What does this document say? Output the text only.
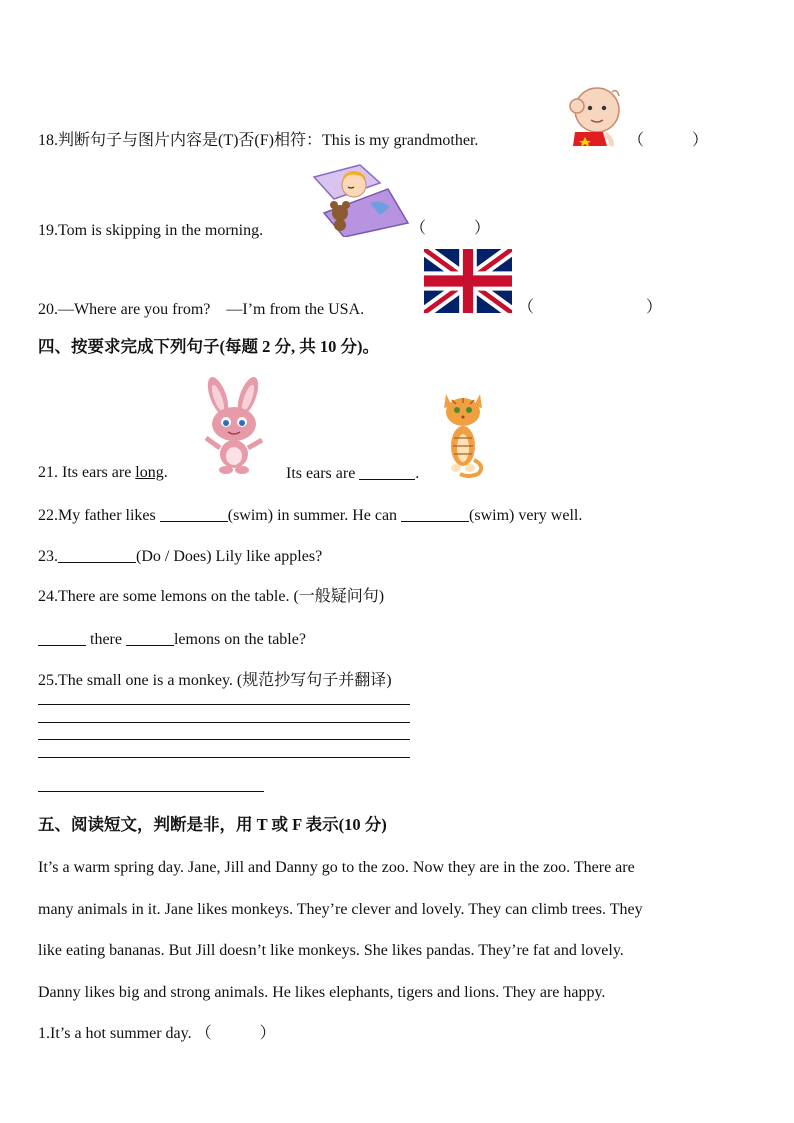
18.判断句子与图片内容是(T)否(F)相符：This is my grandmother.	（　　　）
19.Tom is skipping in the morning.	（　　　）
20.—Where are you from?　—I’m from the USA.	（　　　　　　　）
四、按要求完成下列句子(每题 2 分, 共 10 分)。
21. Its ears are long.	Its ears are	.
22.My father likes	(swim) in summer. He can	(swim) very well.
23.	(Do / Does) Lily like apples?
24.There are some lemons on the table. (一般疑问句)
there	lemons on the table?
25.The small one is a monkey. (规范抄写句子并翻译)
五、阅读短文，判断是非，用 T 或 F 表示(10 分)
It’s a warm spring day. Jane, Jill and Danny go to the zoo. Now they are in the zoo. There are
many animals in it. Jane likes monkeys. They’re clever and lovely. They can climb trees. They
like eating bananas. But Jill doesn’t like monkeys. She likes pandas. They’re fat and lovely.
Danny likes big and strong animals. He likes elephants, tigers and lions. They are happy.
1.It’s a hot summer day. （　　　）
